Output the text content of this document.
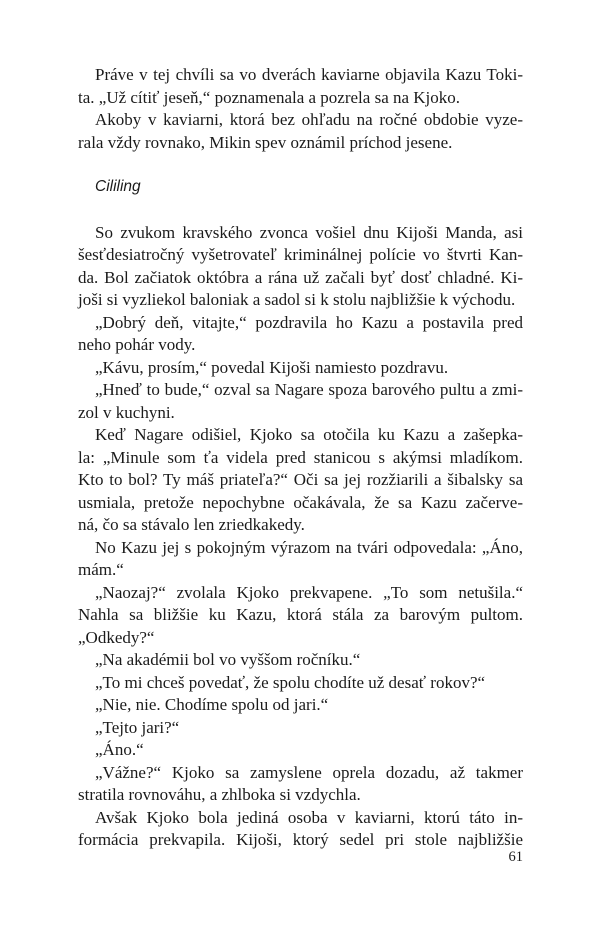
Práve v tej chvíli sa vo dverách kaviarne objavila Kazu Toki-
ta. „Už cítiť jeseň,“ poznamenala a pozrela sa na Kjoko.
Akoby v kaviarni, ktorá bez ohľadu na ročné obdobie vyze-
rala vždy rovnako, Mikin spev oznámil príchod jesene.
Cililing
So zvukom kravského zvonca vošiel dnu Kijoši Manda, asi
šesťdesiatročný vyšetrovateľ kriminálnej polície vo štvrti Kan-
da. Bol začiatok októbra a rána už začali byť dosť chladné. Ki-
joši si vyzliekol baloniak a sadol si k stolu najbližšie k východu.
„Dobrý deň, vitajte,“ pozdravila ho Kazu a postavila pred
neho pohár vody.
„Kávu, prosím,“ povedal Kijoši namiesto pozdravu.
„Hneď to bude,“ ozval sa Nagare spoza barového pultu a zmi-
zol v kuchyni.
Keď Nagare odišiel, Kjoko sa otočila ku Kazu a zašepka-
la: „Minule som ťa videla pred stanicou s akýmsi mladíkom.
Kto to bol? Ty máš priateľa?“ Oči sa jej rozžiarili a šibalsky sa
usmiala, pretože nepochybne očakávala, že sa Kazu začerve-
ná, čo sa stávalo len zriedkakedy.
No Kazu jej s pokojným výrazom na tvári odpovedala: „Áno,
mám.“
„Naozaj?“ zvolala Kjoko prekvapene. „To som netušila.“
Nahla sa bližšie ku Kazu, ktorá stála za barovým pultom.
„Odkedy?“
„Na akadémii bol vo vyššom ročníku.“
„To mi chceš povedať, že spolu chodíte už desať rokov?“
„Nie, nie. Chodíme spolu od jari.“
„Tejto jari?“
„Áno.“
„Vážne?“ Kjoko sa zamyslene oprela dozadu, až takmer
stratila rovnováhu, a zhlboka si vzdychla.
Avšak Kjoko bola jediná osoba v kaviarni, ktorú táto in-
formácia prekvapila. Kijoši, ktorý sedel pri stole najbližšie
61
